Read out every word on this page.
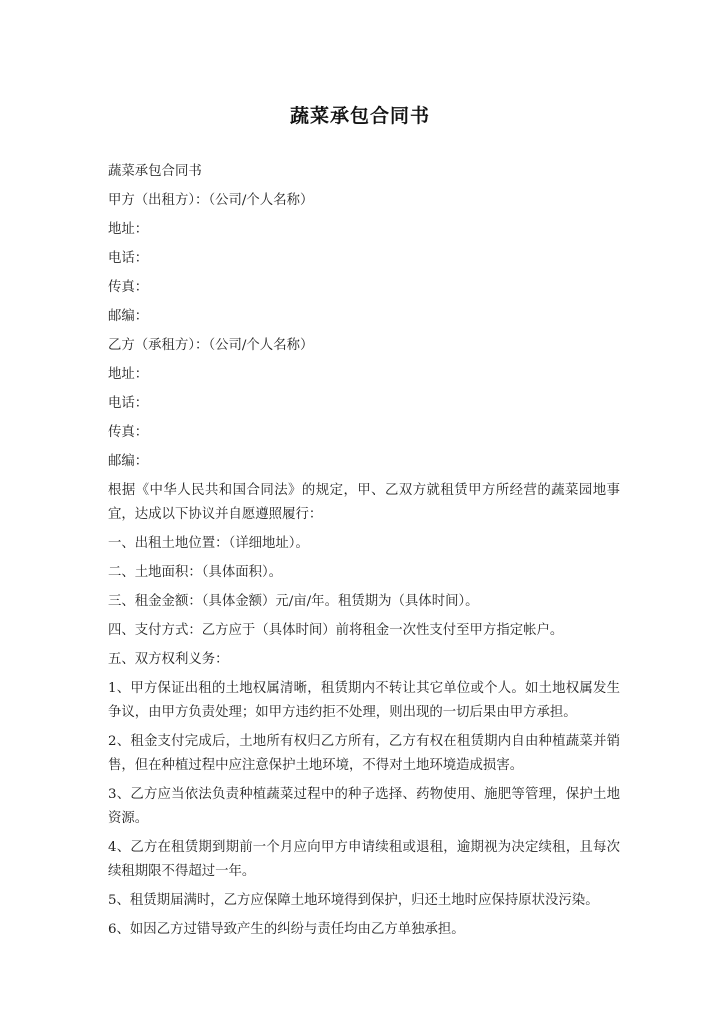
蔬菜承包合同书
蔬菜承包合同书
甲方（出租方）：（公司/个人名称）
地址：
电话：
传真：
邮编：
乙方（承租方）：（公司/个人名称）
地址：
电话：
传真：
邮编：
根据《中华人民共和国合同法》的规定，甲、乙双方就租赁甲方所经营的蔬菜园地事宜，达成以下协议并自愿遵照履行：
一、出租土地位置：（详细地址）。
二、土地面积：（具体面积）。
三、租金金额：（具体金额）元/亩/年。租赁期为（具体时间）。
四、支付方式：乙方应于（具体时间）前将租金一次性支付至甲方指定帐户。
五、双方权利义务：
1、甲方保证出租的土地权属清晰，租赁期内不转让其它单位或个人。如土地权属发生争议，由甲方负责处理；如甲方违约拒不处理，则出现的一切后果由甲方承担。
2、租金支付完成后，土地所有权归乙方所有，乙方有权在租赁期内自由种植蔬菜并销售，但在种植过程中应注意保护土地环境，不得对土地环境造成损害。
3、乙方应当依法负责种植蔬菜过程中的种子选择、药物使用、施肥等管理，保护土地资源。
4、乙方在租赁期到期前一个月应向甲方申请续租或退租，逾期视为决定续租，且每次续租期限不得超过一年。
5、租赁期届满时，乙方应保障土地环境得到保护，归还土地时应保持原状没污染。
6、如因乙方过错导致产生的纠纷与责任均由乙方单独承担。
